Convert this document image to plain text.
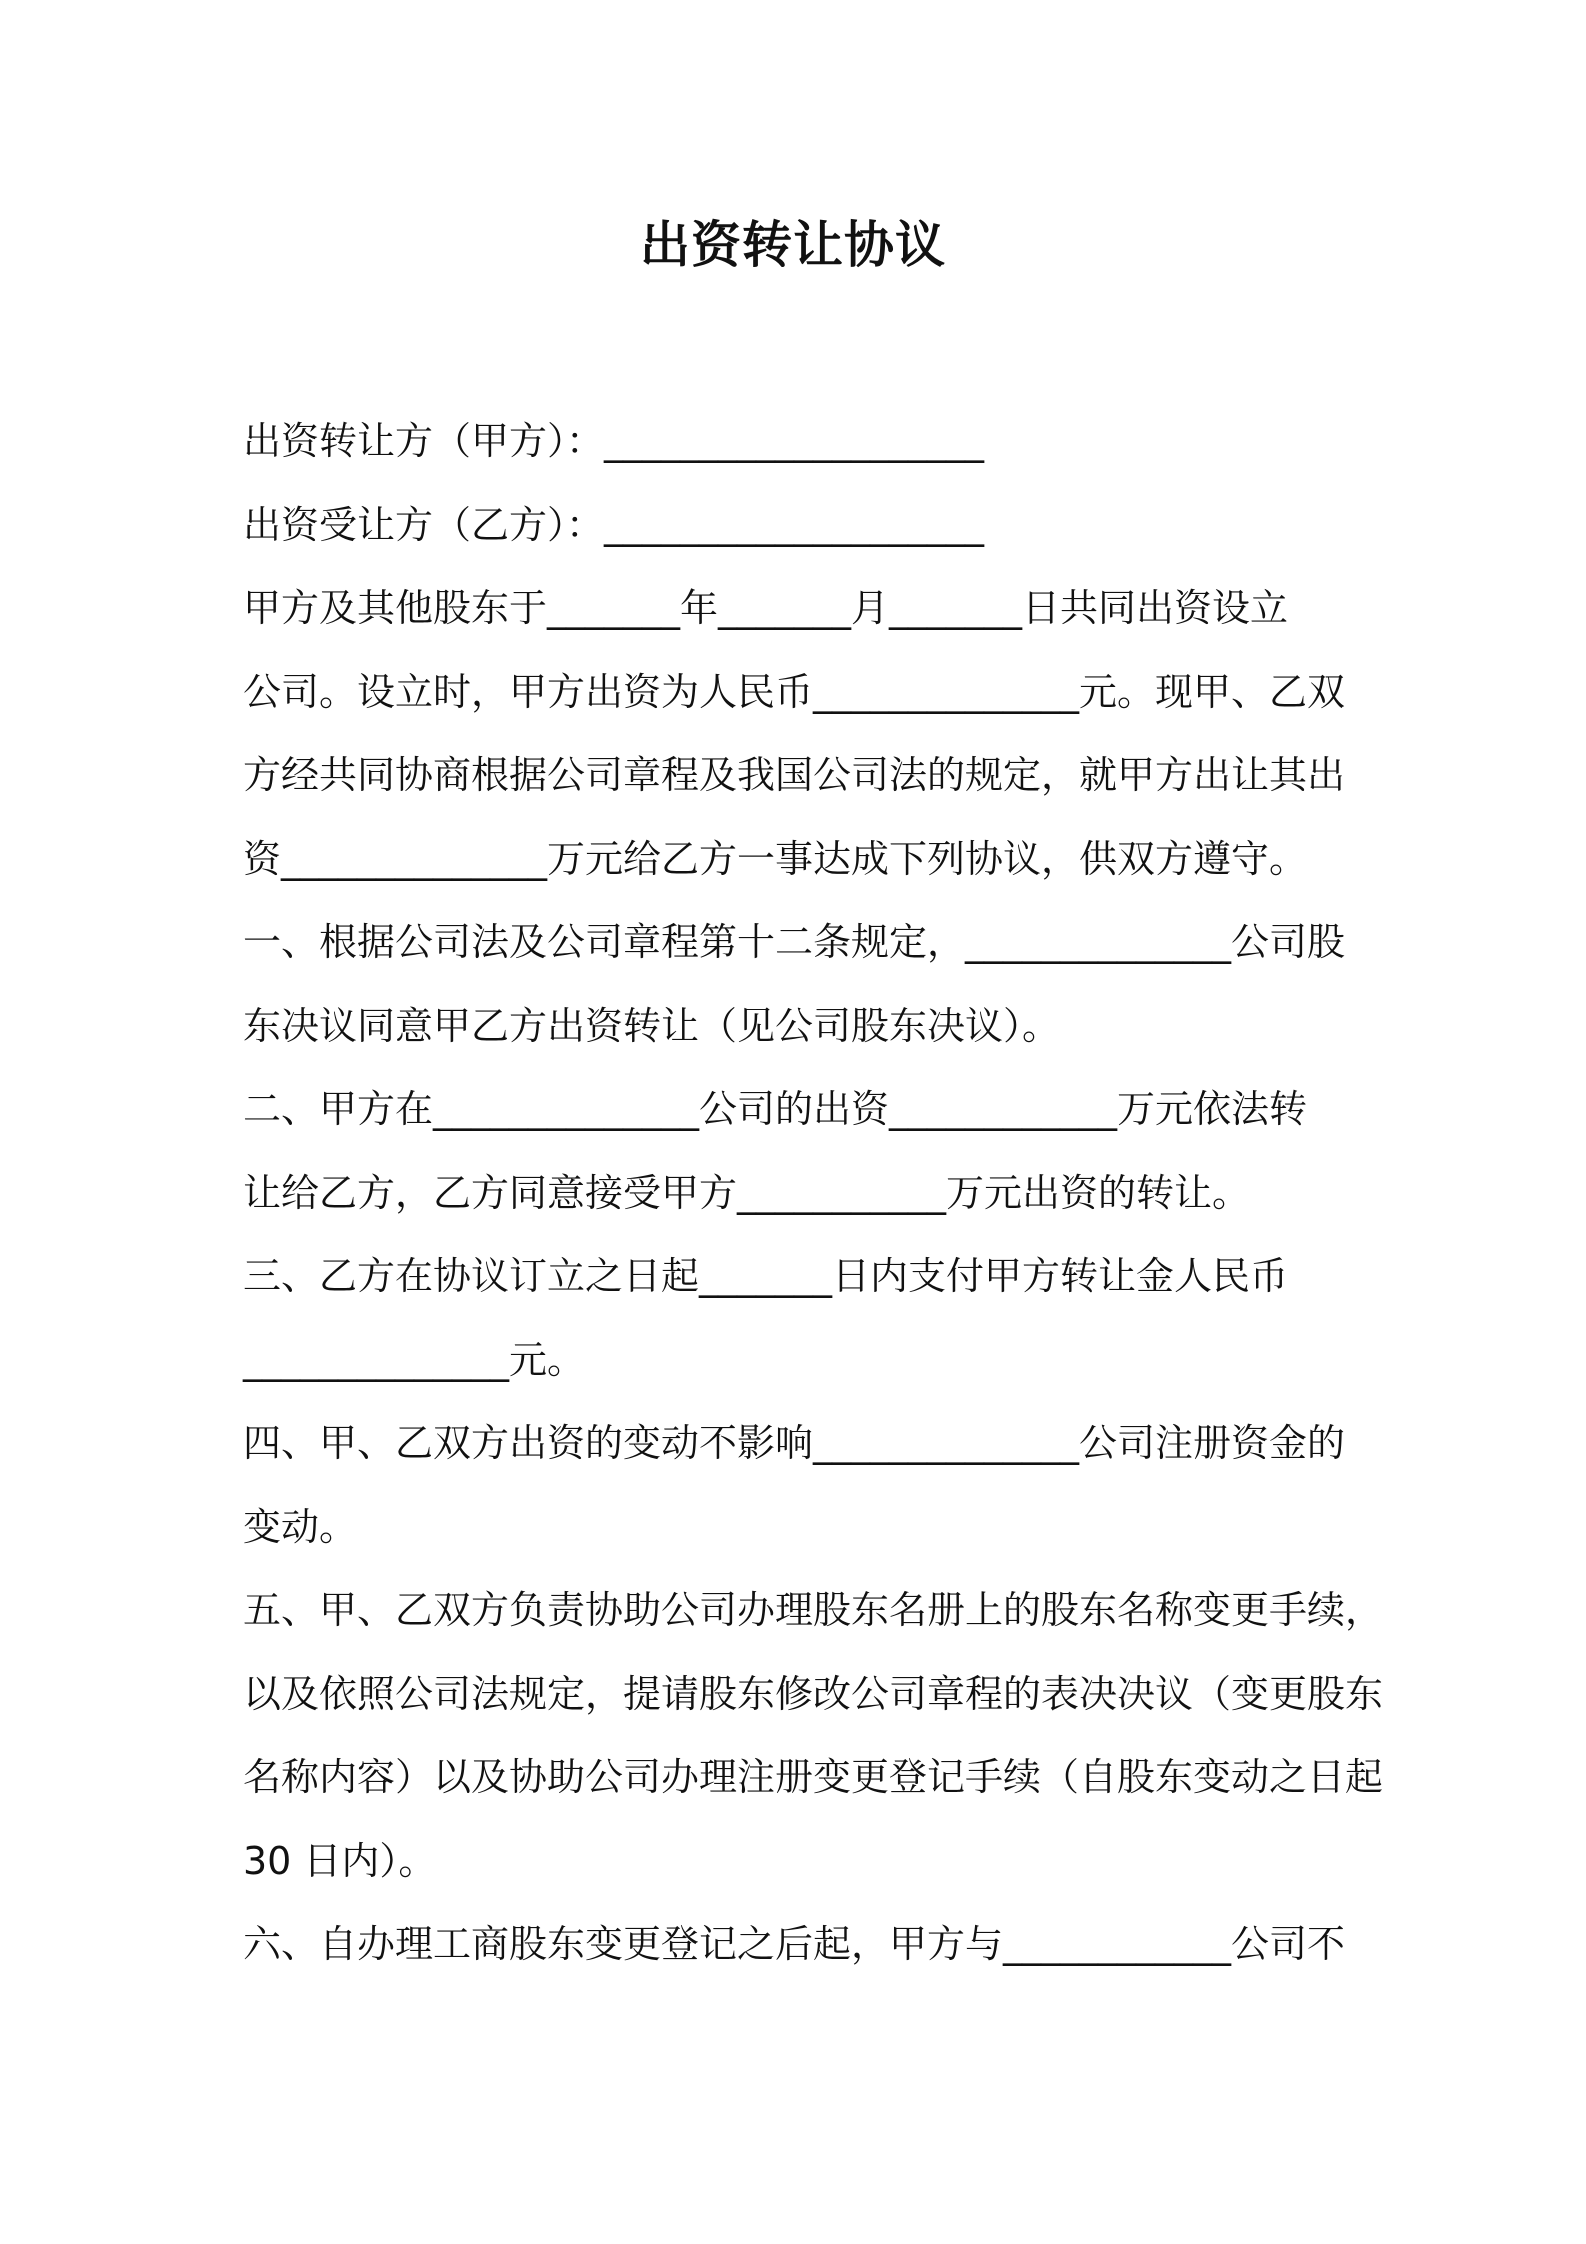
出资转让协议
出资转让方（甲方）：____________________
出资受让方（乙方）：____________________
甲方及其他股东于_______年_______月_______日共同出资设立
公司。设立时，甲方出资为人民币______________元。现甲、乙双
方经共同协商根据公司章程及我国公司法的规定，就甲方出让其出
资______________万元给乙方一事达成下列协议，供双方遵守。
一、根据公司法及公司章程第十二条规定，______________公司股
东决议同意甲乙方出资转让（见公司股东决议）。
二、甲方在______________公司的出资____________万元依法转
让给乙方，乙方同意接受甲方___________万元出资的转让。
三、乙方在协议订立之日起_______日内支付甲方转让金人民币
______________元。
四、甲、乙双方出资的变动不影响______________公司注册资金的
变动。
五、甲、乙双方负责协助公司办理股东名册上的股东名称变更手续，
以及依照公司法规定，提请股东修改公司章程的表决决议（变更股东
名称内容）以及协助公司办理注册变更登记手续（自股东变动之日起
30 日内）。
六、自办理工商股东变更登记之后起，甲方与____________公司不
